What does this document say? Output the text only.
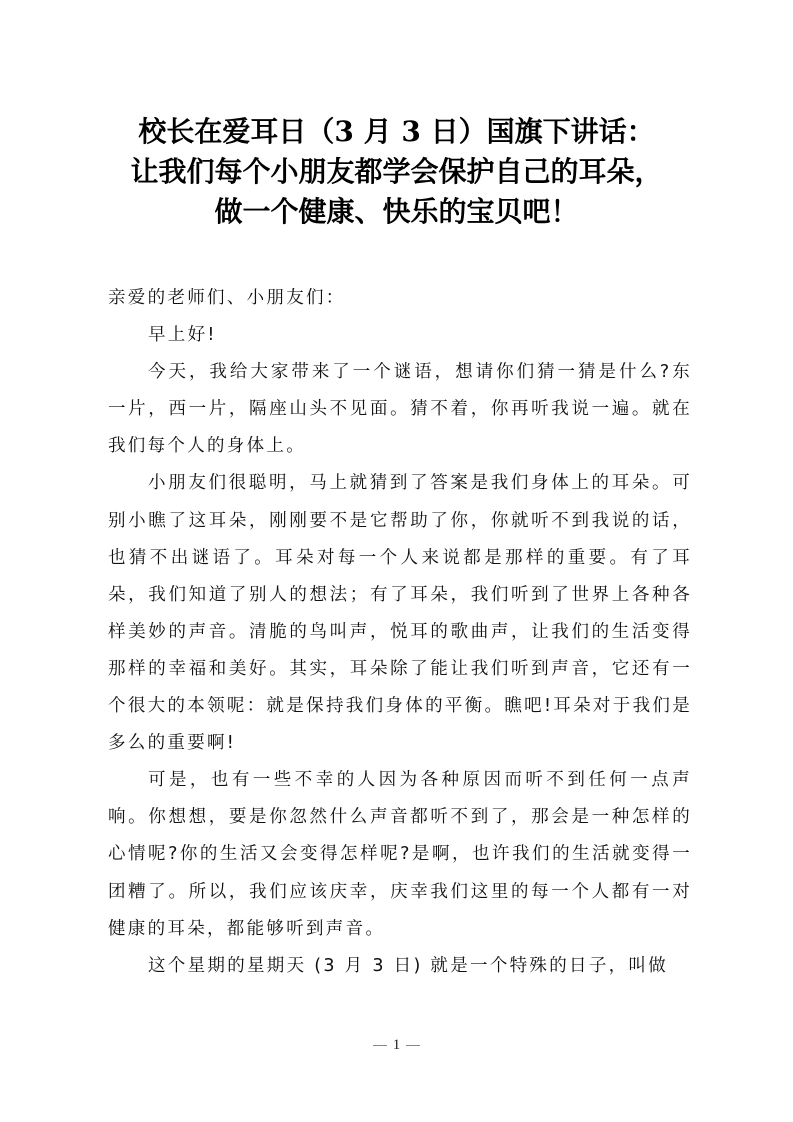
校长在爱耳日（3 月 3 日）国旗下讲话：
让我们每个小朋友都学会保护自己的耳朵，
做一个健康、快乐的宝贝吧！

亲爱的老师们、小朋友们：

早上好!

今天，我给大家带来了一个谜语，想请你们猜一猜是什么?东一片，西一片，隔座山头不见面。猜不着，你再听我说一遍。就在我们每个人的身体上。

小朋友们很聪明，马上就猜到了答案是我们身体上的耳朵。可别小瞧了这耳朵，刚刚要不是它帮助了你，你就听不到我说的话，也猜不出谜语了。耳朵对每一个人来说都是那样的重要。有了耳朵，我们知道了别人的想法；有了耳朵，我们听到了世界上各种各样美妙的声音。清脆的鸟叫声，悦耳的歌曲声，让我们的生活变得那样的幸福和美好。其实，耳朵除了能让我们听到声音，它还有一个很大的本领呢：就是保持我们身体的平衡。瞧吧!耳朵对于我们是多么的重要啊!

可是，也有一些不幸的人因为各种原因而听不到任何一点声响。你想想，要是你忽然什么声音都听不到了，那会是一种怎样的心情呢?你的生活又会变得怎样呢?是啊，也许我们的生活就变得一团糟了。所以，我们应该庆幸，庆幸我们这里的每一个人都有一对健康的耳朵，都能够听到声音。

这个星期的星期天 (3 月 3 日) 就是一个特殊的日子，叫做

1
